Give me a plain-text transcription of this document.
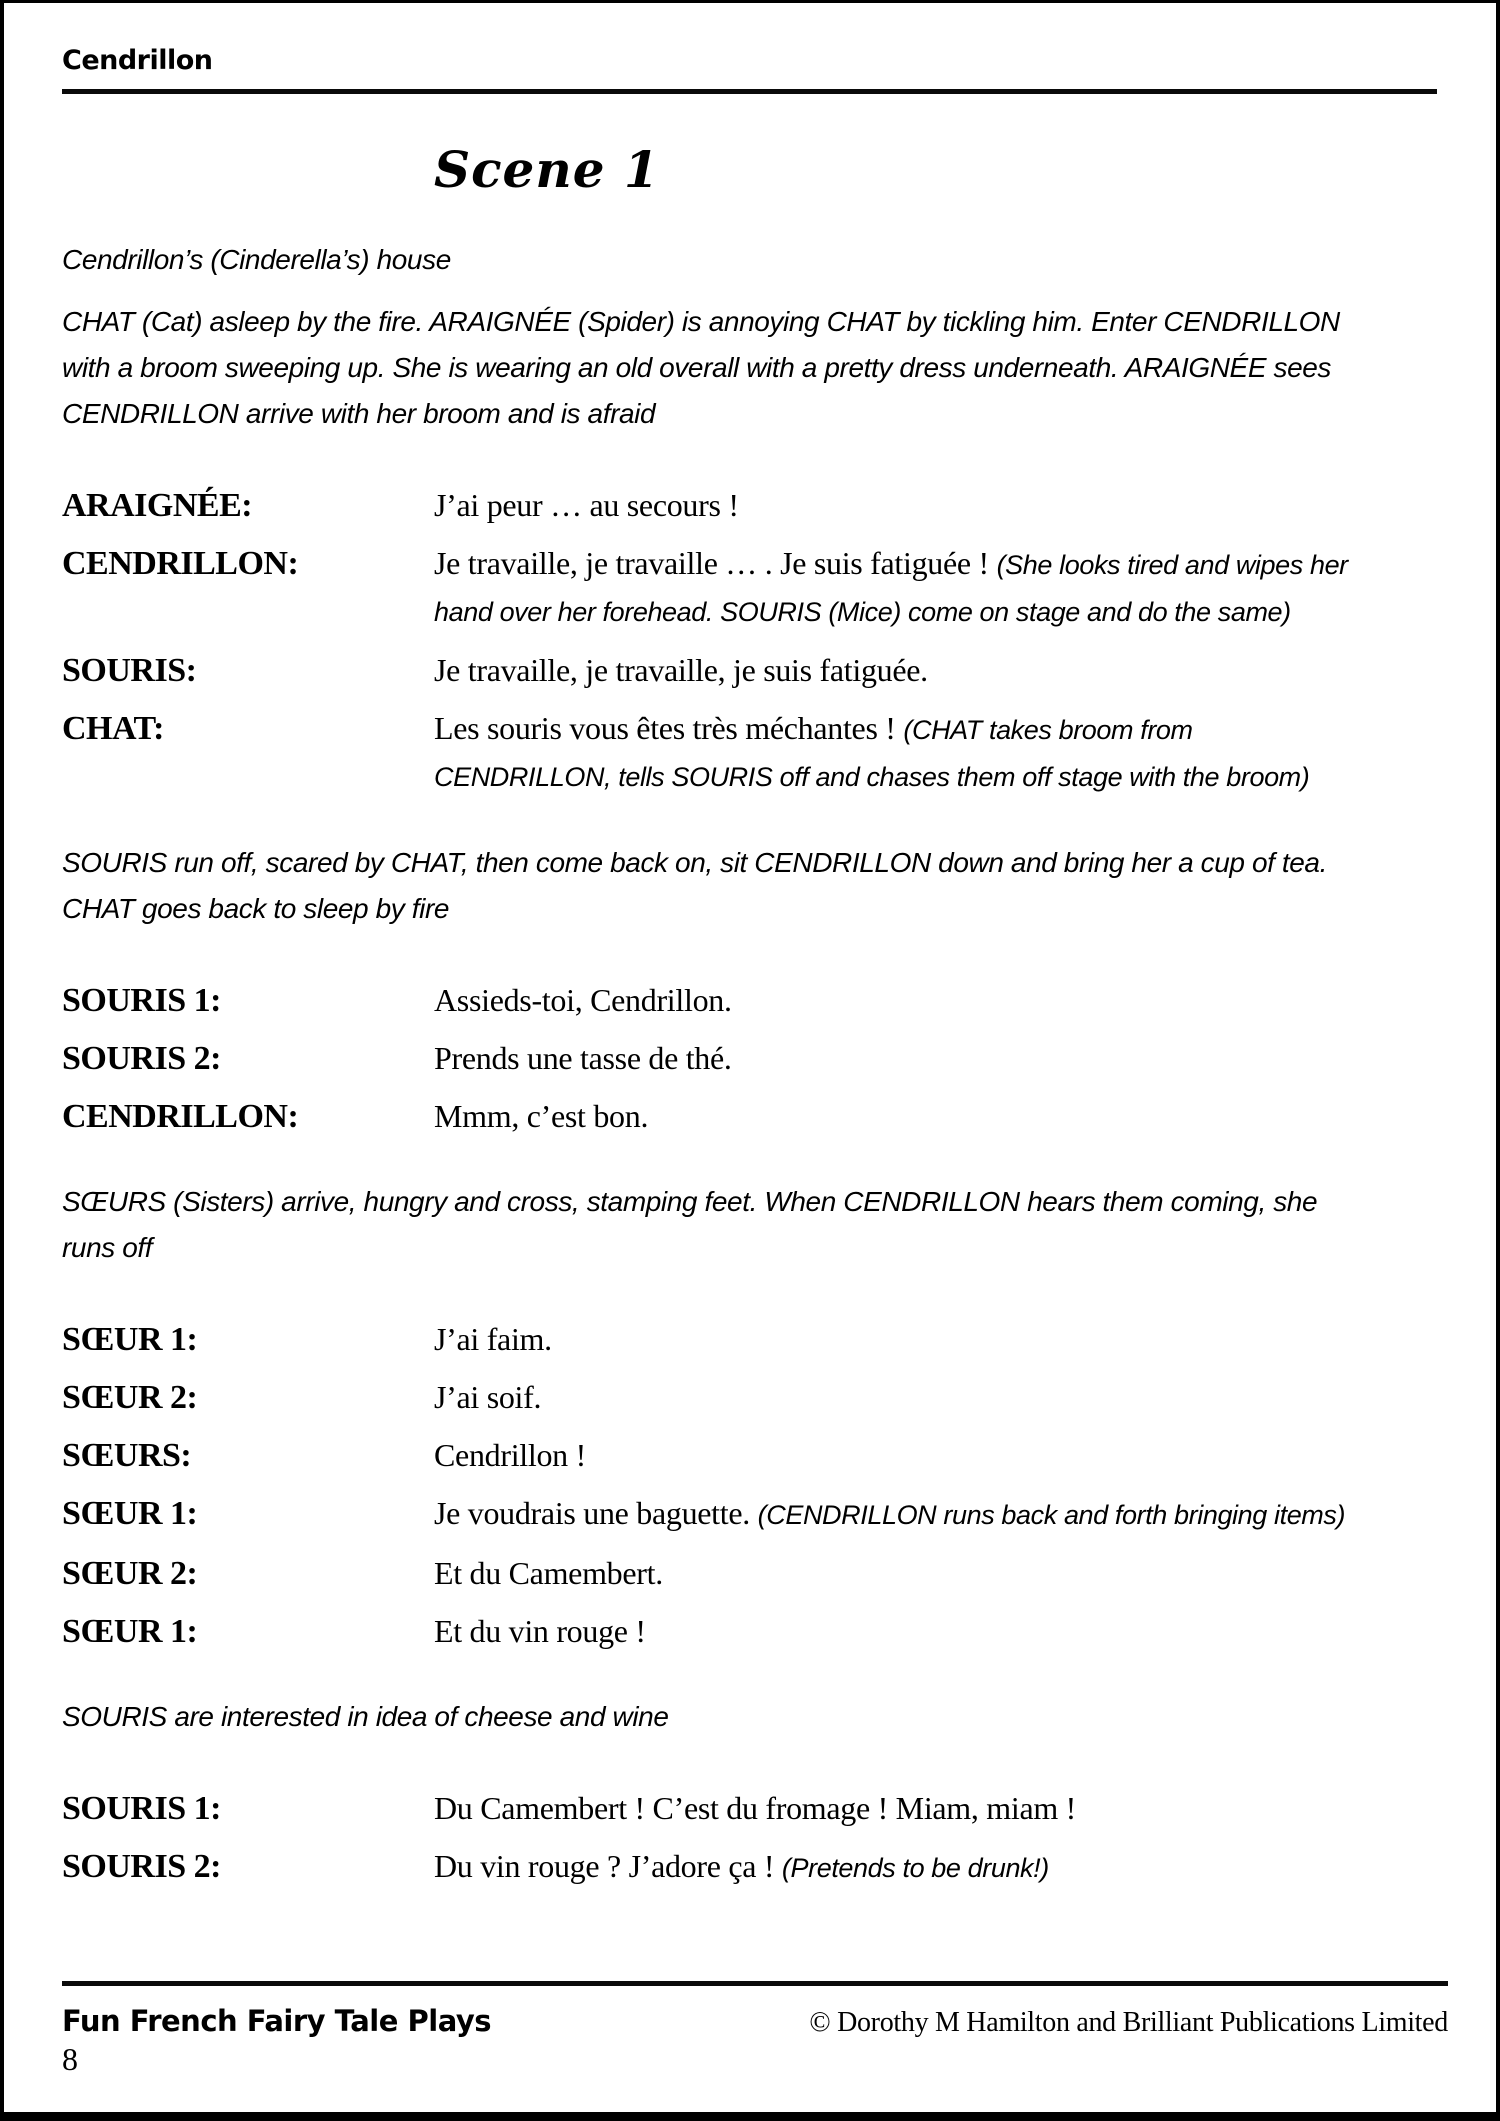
Cendrillon
Scene 1
Cendrillon’s (Cinderella’s) house
CHAT (Cat) asleep by the fire. ARAIGNÉE (Spider) is annoying CHAT by tickling him. Enter CENDRILLON with a broom sweeping up. She is wearing an old overall with a pretty dress underneath. ARAIGNÉE sees CENDRILLON arrive with her broom and is afraid
ARAIGNÉE:	J’ai peur … au secours !
CENDRILLON:	Je travaille, je travaille … . Je suis fatiguée ! (She looks tired and wipes her hand over her forehead. SOURIS (Mice) come on stage and do the same)
SOURIS:	Je travaille, je travaille, je suis fatiguée.
CHAT:	Les souris vous êtes très méchantes ! (CHAT takes broom from CENDRILLON, tells SOURIS off and chases them off stage with the broom)
SOURIS run off, scared by CHAT, then come back on, sit CENDRILLON down and bring her a cup of tea. CHAT goes back to sleep by fire
SOURIS 1:	Assieds-toi, Cendrillon.
SOURIS 2:	Prends une tasse de thé.
CENDRILLON:	Mmm, c’est bon.
SŒURS (Sisters) arrive, hungry and cross, stamping feet. When CENDRILLON hears them coming, she runs off
SŒUR 1:	J’ai faim.
SŒUR 2:	J’ai soif.
SŒURS:	Cendrillon !
SŒUR 1:	Je voudrais une baguette. (CENDRILLON runs back and forth bringing items)
SŒUR 2:	Et du Camembert.
SŒUR 1:	Et du vin rouge !
SOURIS are interested in idea of cheese and wine
SOURIS 1:	Du Camembert ! C’est du fromage ! Miam, miam !
SOURIS 2:	Du vin rouge ? J’adore ça ! (Pretends to be drunk!)
Fun French Fairy Tale Plays	© Dorothy M Hamilton and Brilliant Publications Limited
8
